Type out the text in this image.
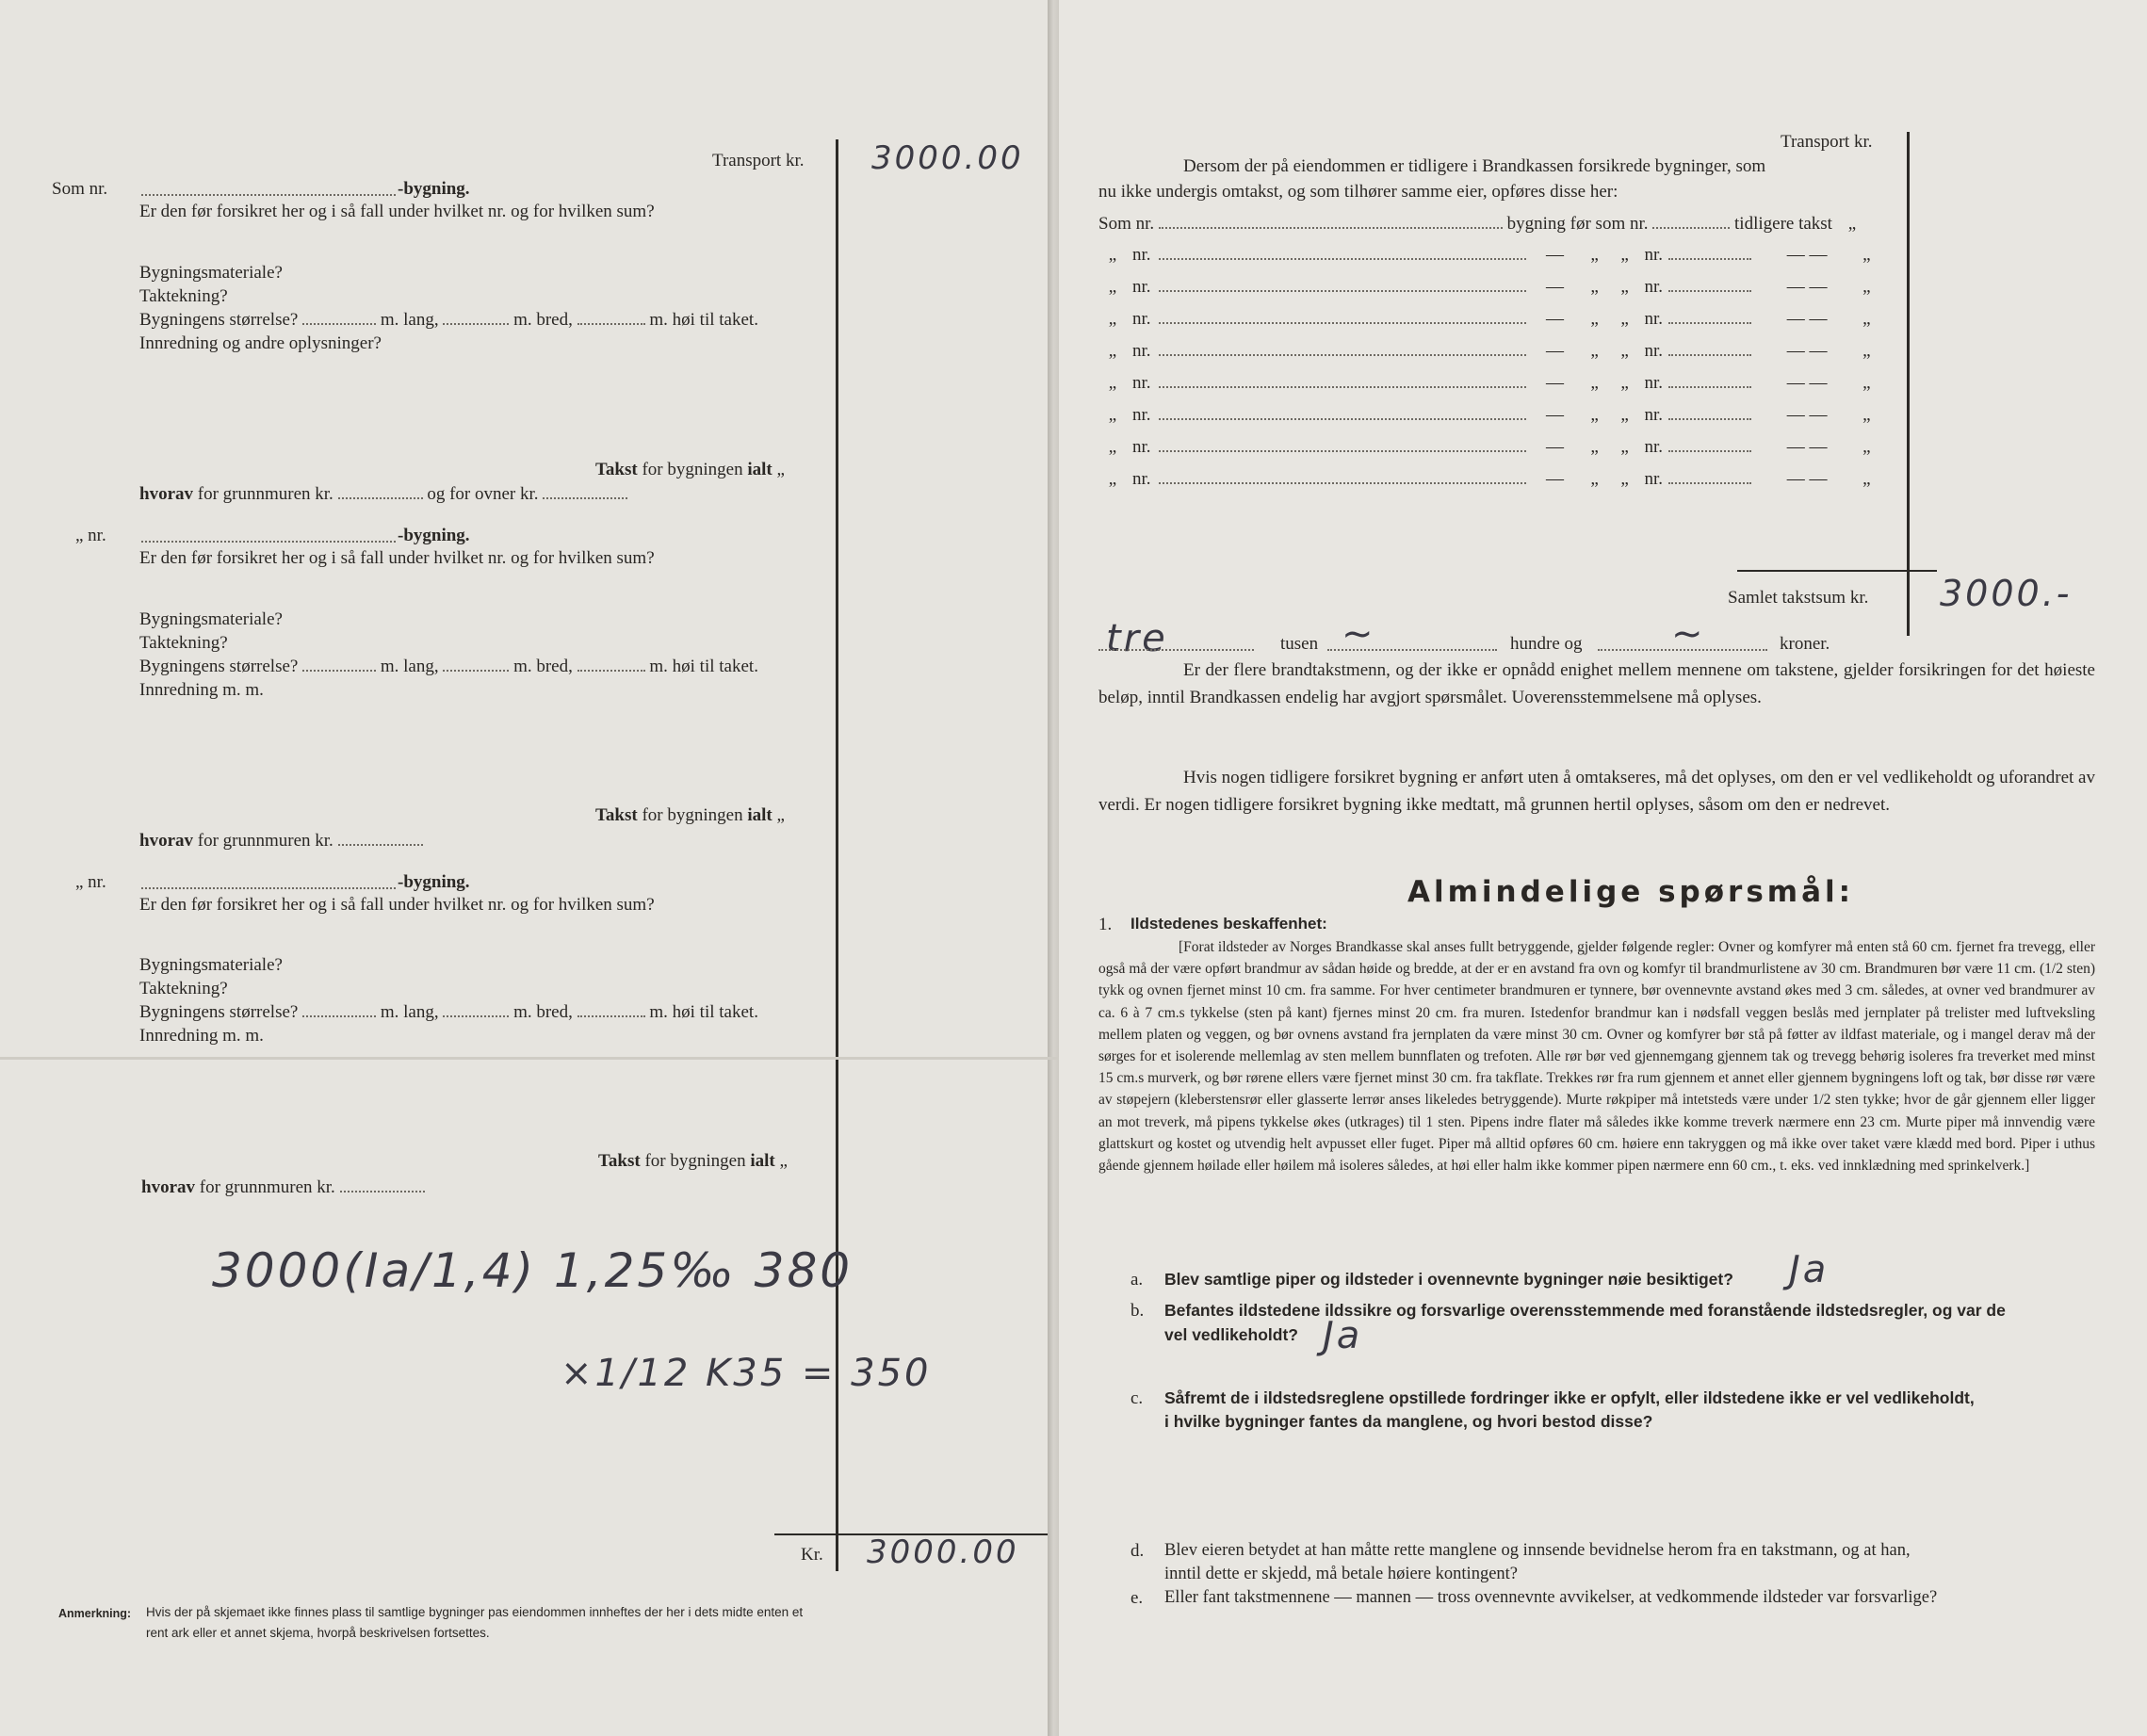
Transport kr. 3000.00
Som nr.	-bygning.
Er den før forsikret her og i så fall under hvilket nr. og for hvilken sum?
Bygningsmateriale?
Taktekning?
Bygningens størrelse?	m. lang,	m. bred,	m. høi til taket.
Innredning og andre oplysninger?
Takst for bygningen ialt „
hvorav for grunnmuren kr.	og for ovner kr.
„ nr.	-bygning.
Er den før forsikret her og i så fall under hvilket nr. og for hvilken sum?
Bygningsmateriale?
Taktekning?
Bygningens størrelse?	m. lang,	m. bred,	m. høi til taket.
Innredning m. m.
Takst for bygningen ialt „
hvorav for grunnmuren kr.
„ nr.	-bygning.
Er den før forsikret her og i så fall under hvilket nr. og for hvilken sum?
Bygningsmateriale?
Taktekning?
Bygningens størrelse?	m. lang,	m. bred,	m. høi til taket.
Innredning m. m.
Takst for bygningen ialt „
hvorav for grunnmuren kr.
3000(Ia/1,4) 1,25‰ 380
×1/12 K35 = 350
Kr. 3000.00
Anmerkning: Hvis der på skjemaet ikke finnes plass til samtlige bygninger pas eiendommen innheftes der her i dets midte enten et
rent ark eller et annet skjema, hvorpå beskrivelsen fortsettes.
Transport kr.
Dersom der på eiendommen er tidligere i Brandkassen forsikrede bygninger, som
nu ikke undergis omtakst, og som tilhører samme eier, opføres disse her:
Som nr.	bygning før som nr.	tidligere takst „
„ nr.	— „ „ nr.	— — „
„ nr.	— „ „ nr.	— — „
„ nr.	— „ „ nr.	— — „
„ nr.	— „ „ nr.	— — „
„ nr.	— „ „ nr.	— — „
„ nr.	— „ „ nr.	— — „
„ nr.	— „ „ nr.	— — „
„ nr.	— „ „ nr.	— — „
Samlet takstsum kr. 3000.-
tre	tusen ~	hundre og ~	kroner.
Er der flere brandtakstmenn, og der ikke er opnådd enighet mellem mennene om takstene, gjelder forsikringen for det høieste beløp, inntil Brandkassen endelig har avgjort spørsmålet. Uoverensstemmelsene må oplyses.
Hvis nogen tidligere forsikret bygning er anført uten å omtakseres, må det oplyses, om den er vel vedlikeholdt og uforandret av verdi. Er nogen tidligere forsikret bygning ikke medtatt, må grunnen hertil oplyses, såsom om den er nedrevet.
Almindelige spørsmål:
1. Ildstedenes beskaffenhet:
[Forat ildsteder av Norges Brandkasse skal anses fullt betryggende, gjelder følgende regler: Ovner og komfyrer må enten stå 60 cm. fjernet fra trevegg, eller også må der være opført brandmur av sådan høide og bredde, at der er en avstand fra ovn og komfyr til brandmurlistene av 30 cm. Brandmuren bør være 11 cm. (1/2 sten) tykk og ovnen fjernet minst 10 cm. fra samme. For hver centimeter brandmuren er tynnere, bør ovennevnte avstand økes med 3 cm. således, at ovner ved brandmurer av ca. 6 à 7 cm.s tykkelse (sten på kant) fjernes minst 20 cm. fra muren. Istedenfor brandmur kan i nødsfall veggen beslås med jernplater på trelister med luftveksling mellem platen og veggen, og bør ovnens avstand fra jernplaten da være minst 30 cm. Ovner og komfyrer bør stå på føtter av ildfast materiale, og i mangel derav må der sørges for et isolerende mellemlag av sten mellem bunnflaten og trefoten. Alle rør bør ved gjennemgang gjennem tak og trevegg behørig isoleres fra treverket med minst 15 cm.s murverk, og bør rørene ellers være fjernet minst 30 cm. fra takflate. Trekkes rør fra rum gjennem et annet eller gjennem bygningens loft og tak, bør disse rør være av støpejern (kleberstensrør eller glasserte lerrør anses likeledes betryggende). Murte røkpiper må intetsteds være under 1/2 sten tykke; hvor de går gjennem eller ligger an mot treverk, må pipens tykkelse økes (utkrages) til 1 sten. Pipens indre flater må således ikke komme treverk nærmere enn 23 cm. Murte piper må innvendig være glattskurt og kostet og utvendig helt avpusset eller fuget. Piper må alltid opføres 60 cm. høiere enn takryggen og må ikke over taket være klædd med bord. Piper i uthus gående gjennem høilade eller høilem må isoleres således, at høi eller halm ikke kommer pipen nærmere enn 60 cm., t. eks. ved innklædning med sprinkelverk.]
a. Blev samtlige piper og ildsteder i ovennevnte bygninger nøie besiktiget? Ja
b. Befantes ildstedene ildssikre og forsvarlige overensstemmende med foranstående ildstedsregler, og var de
vel vedlikeholdt? Ja
c. Såfremt de i ildstedsreglene opstillede fordringer ikke er opfylt, eller ildstedene ikke er vel vedlikeholdt,
i hvilke bygninger fantes da manglene, og hvori bestod disse?
d. Blev eieren betydet at han måtte rette manglene og innsende bevidnelse herom fra en takstmann, og at han,
inntil dette er skjedd, må betale høiere kontingent?
e. Eller fant takstmennene — mannen — tross ovennevnte avvikelser, at vedkommende ildsteder var forsvarlige?
